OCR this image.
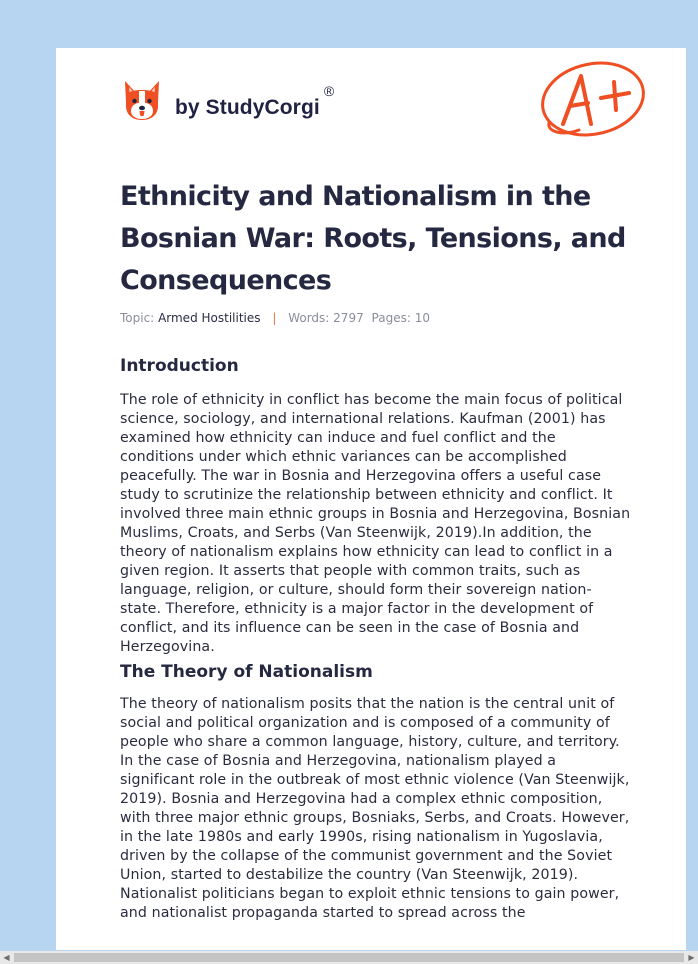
by StudyCorgi
®
Ethnicity and Nationalism in the Bosnian War: Roots, Tensions, and Consequences
Topic: Armed Hostilities | Words: 2797 Pages: 10
Introduction

The role of ethnicity in conflict has become the main focus of political science, sociology, and international relations. Kaufman (2001) has examined how ethnicity can induce and fuel conflict and the conditions under which ethnic variances can be accomplished peacefully. The war in Bosnia and Herzegovina offers a useful case study to scrutinize the relationship between ethnicity and conflict. It involved three main ethnic groups in Bosnia and Herzegovina, Bosnian Muslims, Croats, and Serbs (Van Steenwijk, 2019).In addition, the theory of nationalism explains how ethnicity can lead to conflict in a given region. It asserts that people with common traits, such as language, religion, or culture, should form their sovereign nation-state. Therefore, ethnicity is a major factor in the development of conflict, and its influence can be seen in the case of Bosnia and Herzegovina.

The Theory of Nationalism

The theory of nationalism posits that the nation is the central unit of social and political organization and is composed of a community of people who share a common language, history, culture, and territory. In the case of Bosnia and Herzegovina, nationalism played a significant role in the outbreak of most ethnic violence (Van Steenwijk, 2019). Bosnia and Herzegovina had a complex ethnic composition, with three major ethnic groups, Bosniaks, Serbs, and Croats. However, in the late 1980s and early 1990s, rising nationalism in Yugoslavia, driven by the collapse of the communist government and the Soviet Union, started to destabilize the country (Van Steenwijk, 2019). Nationalist politicians began to exploit ethnic tensions to gain power, and nationalist propaganda started to spread across the

◀	▶
